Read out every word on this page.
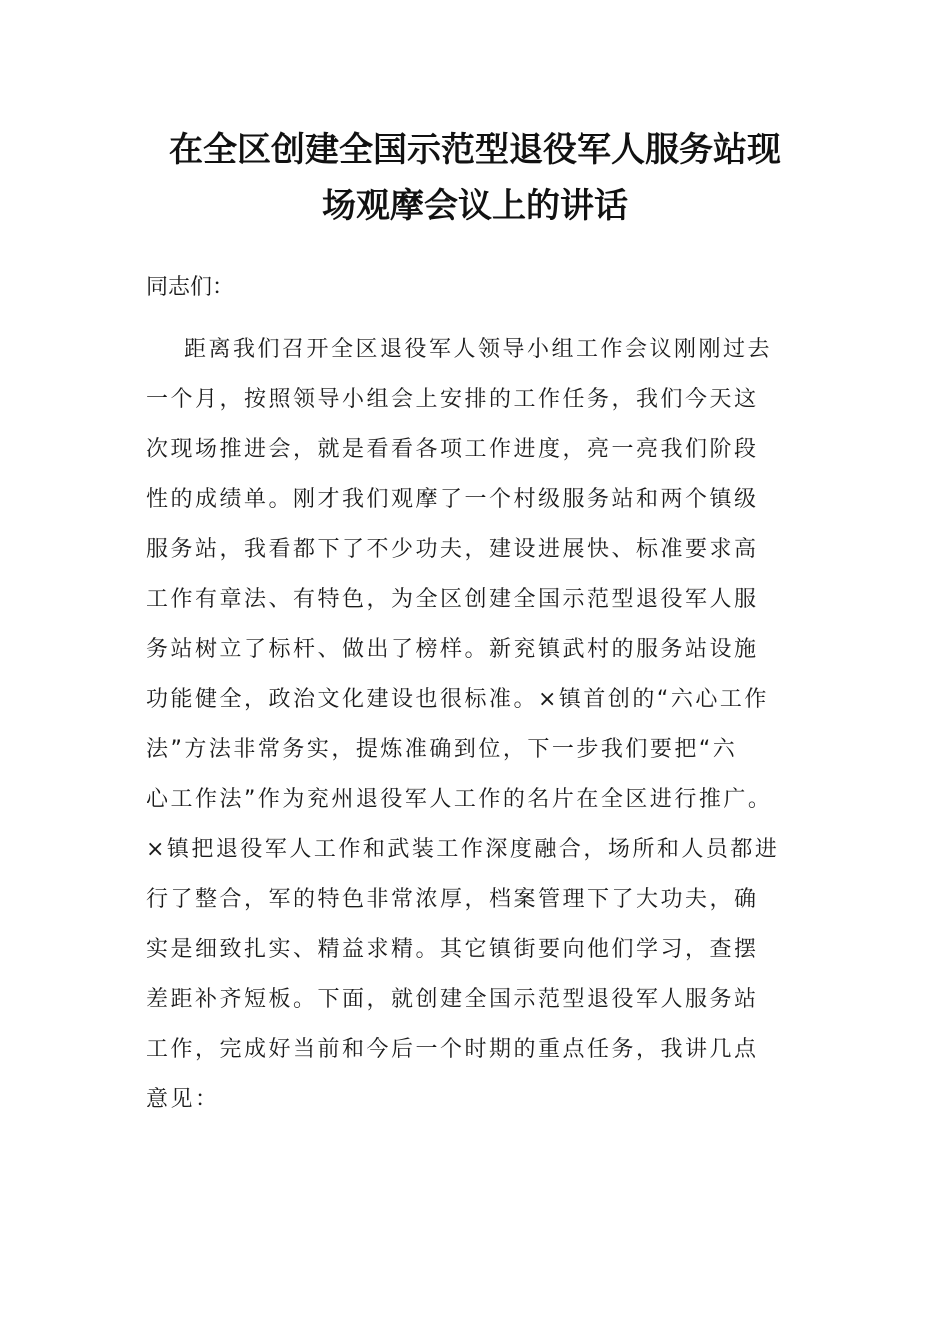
在全区创建全国示范型退役军人服务站现
场观摩会议上的讲话

同志们：

距离我们召开全区退役军人领导小组工作会议刚刚过去
一个月，按照领导小组会上安排的工作任务，我们今天这
次现场推进会，就是看看各项工作进度，亮一亮我们阶段
性的成绩单。刚才我们观摩了一个村级服务站和两个镇级
服务站，我看都下了不少功夫，建设进展快、标准要求高
工作有章法、有特色，为全区创建全国示范型退役军人服
务站树立了标杆、做出了榜样。新兖镇武村的服务站设施
功能健全，政治文化建设也很标准。×镇首创的“六心工作
法”方法非常务实，提炼准确到位，下一步我们要把“六
心工作法”作为兖州退役军人工作的名片在全区进行推广。
×镇把退役军人工作和武装工作深度融合，场所和人员都进
行了整合，军的特色非常浓厚，档案管理下了大功夫，确
实是细致扎实、精益求精。其它镇街要向他们学习，查摆
差距补齐短板。下面，就创建全国示范型退役军人服务站
工作，完成好当前和今后一个时期的重点任务，我讲几点
意见：
